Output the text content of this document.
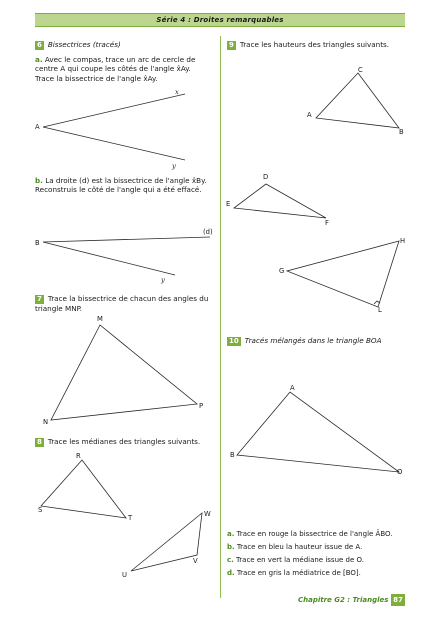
Série 4 : Droites remarquables
6 Bissectrices (tracés)
a. Avec le compas, trace un arc de cercle de
centre A qui coupe les côtés de l'angle x̂Ay.
Trace la bissectrice de l'angle x̂Ay.
b. La droite (d) est la bissectrice de l'angle x̂By.
Reconstruis le côté de l'angle qui a été effacé.
7 Trace la bissectrice de chacun des angles du
triangle MNP.
8 Trace les médianes des triangles suivants.
9 Trace les hauteurs des triangles suivants.
10 Tracés mélangés dans le triangle BOA
a. Trace en rouge la bissectrice de l'angle ÂBO.
b. Trace en bleu la hauteur issue de A.
c. Trace en vert la médiane issue de O.
d. Trace en gris la médiatrice de [BO].
A
x
y
B
(d)
y
M
N
P
R
S
T	W
U
V
C
A
B
D
E
F
H
G
L
A
B
O
Chapitre G2 : Triangles 87
